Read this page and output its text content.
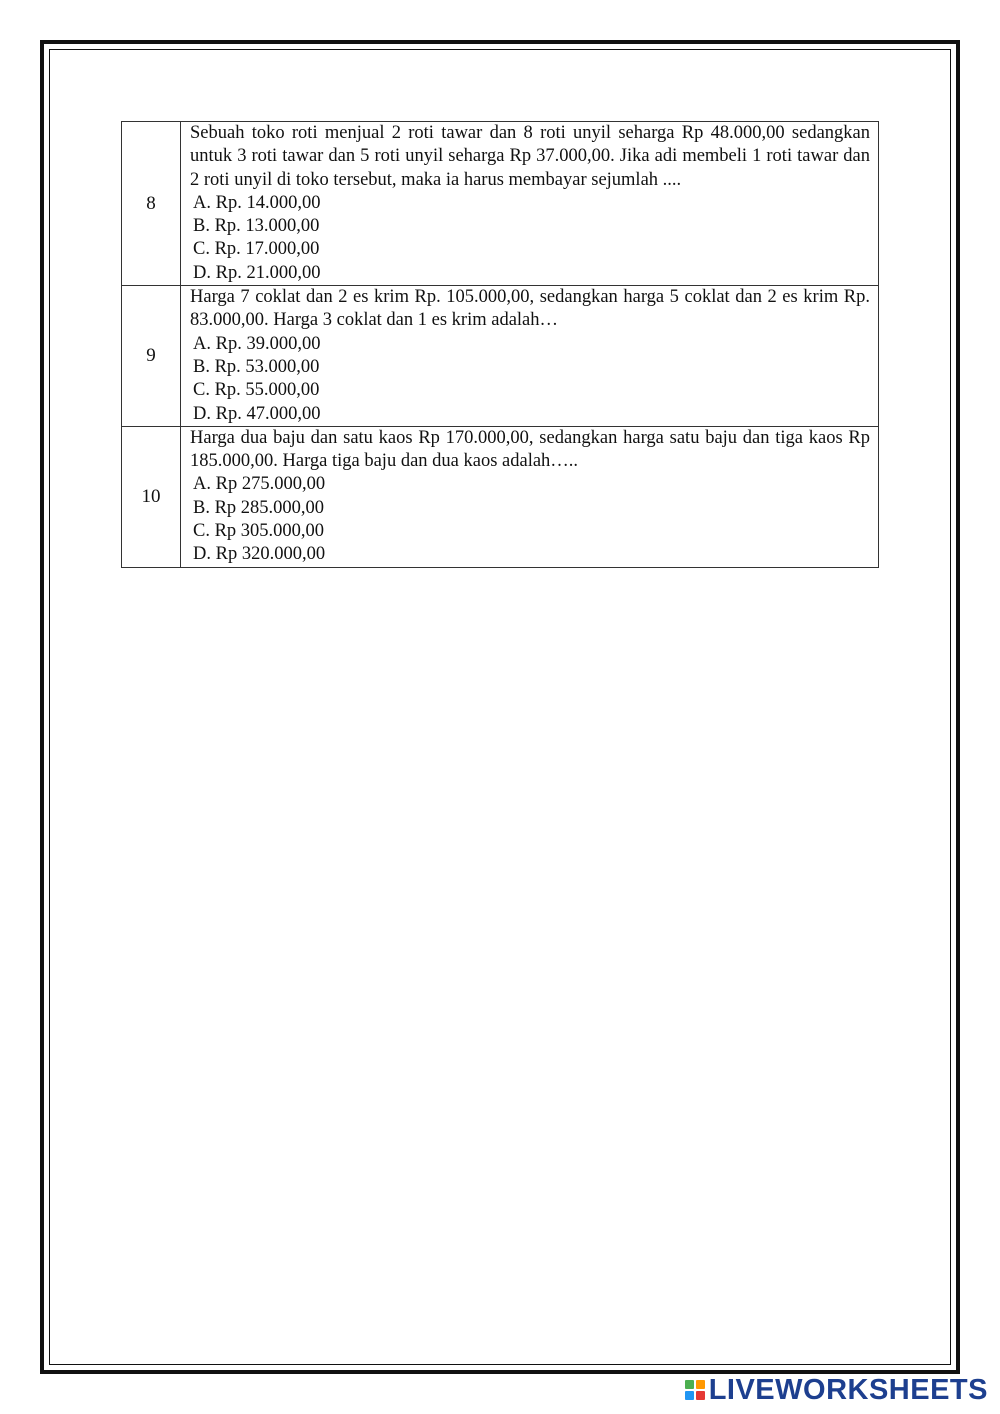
8	Sebuah toko roti menjual 2 roti tawar dan 8 roti unyil seharga Rp 48.000,00 sedangkan untuk 3 roti tawar dan 5 roti unyil seharga Rp 37.000,00. Jika adi membeli 1 roti tawar dan 2 roti unyil di toko tersebut, maka ia harus membayar sejumlah ....

A. Rp. 14.000,00

B. Rp. 13.000,00

C. Rp. 17.000,00

D. Rp. 21.000,00

9	Harga 7 coklat dan 2 es krim Rp. 105.000,00, sedangkan harga 5 coklat dan 2 es krim Rp. 83.000,00. Harga 3 coklat dan 1 es krim adalah…

A. Rp. 39.000,00

B. Rp. 53.000,00

C. Rp. 55.000,00

D. Rp. 47.000,00

10	Harga dua baju dan satu kaos Rp 170.000,00, sedangkan harga satu baju dan tiga kaos Rp 185.000,00. Harga tiga baju dan dua kaos adalah…..

A. Rp 275.000,00

B. Rp 285.000,00

C. Rp 305.000,00

D. Rp 320.000,00

LIVEWORKSHEETS
